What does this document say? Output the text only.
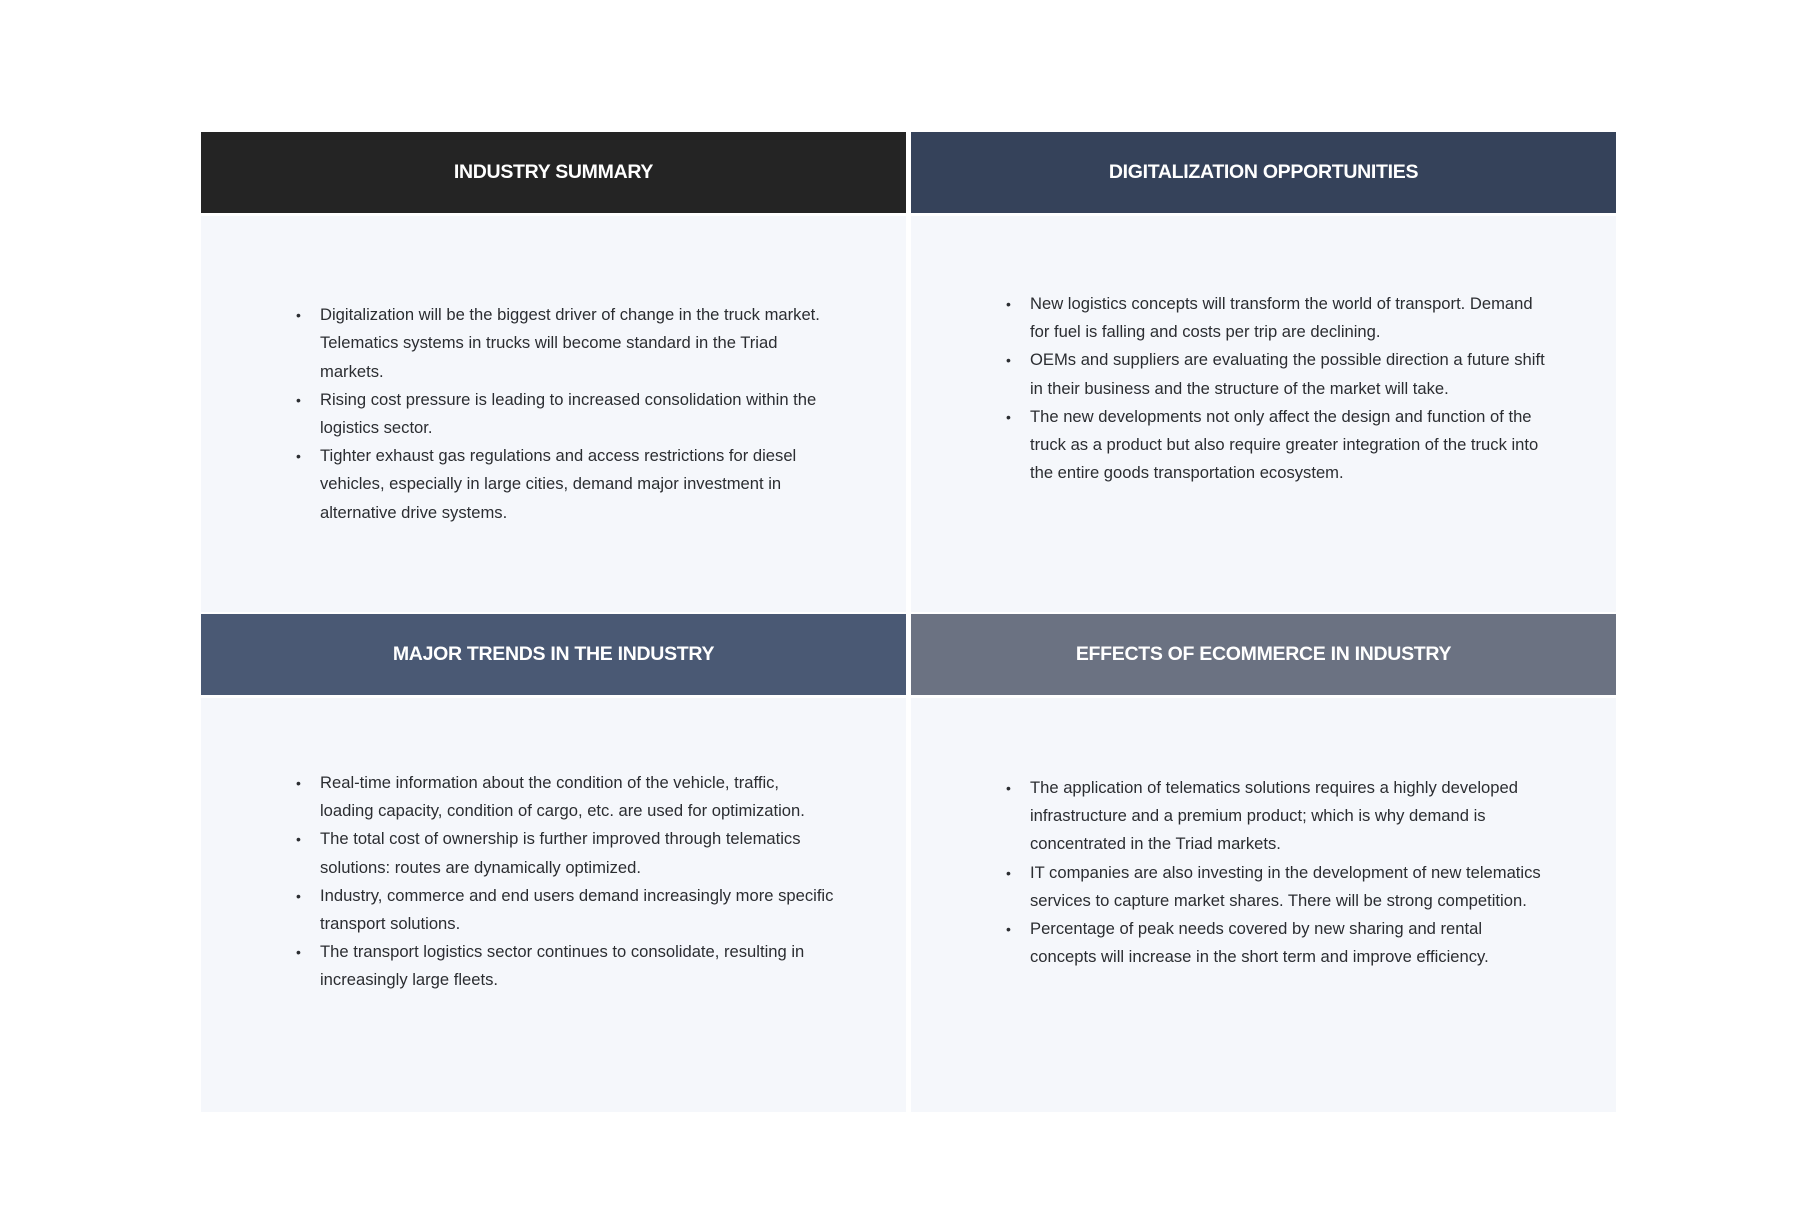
INDUSTRY SUMMARY
• Digitalization will be the biggest driver of change in the truck market. Telematics systems in trucks will become standard in the Triad markets.
• Rising cost pressure is leading to increased consolidation within the logistics sector.
• Tighter exhaust gas regulations and access restrictions for diesel vehicles, especially in large cities, demand major investment in alternative drive systems.
DIGITALIZATION OPPORTUNITIES
• New logistics concepts will transform the world of transport. Demand for fuel is falling and costs per trip are declining.
• OEMs and suppliers are evaluating the possible direction a future shift in their business and the structure of the market will take.
• The new developments not only affect the design and function of the truck as a product but also require greater integration of the truck into the entire goods transportation ecosystem.
MAJOR TRENDS IN THE INDUSTRY
• Real-time information about the condition of the vehicle, traffic, loading capacity, condition of cargo, etc. are used for optimization.
• The total cost of ownership is further improved through telematics solutions: routes are dynamically optimized.
• Industry, commerce and end users demand increasingly more specific transport solutions.
• The transport logistics sector continues to consolidate, resulting in increasingly large fleets.
EFFECTS OF ECOMMERCE IN INDUSTRY
• The application of telematics solutions requires a highly developed infrastructure and a premium product; which is why demand is concentrated in the Triad markets.
• IT companies are also investing in the development of new telematics services to capture market shares. There will be strong competition.
• Percentage of peak needs covered by new sharing and rental concepts will increase in the short term and improve efficiency.
